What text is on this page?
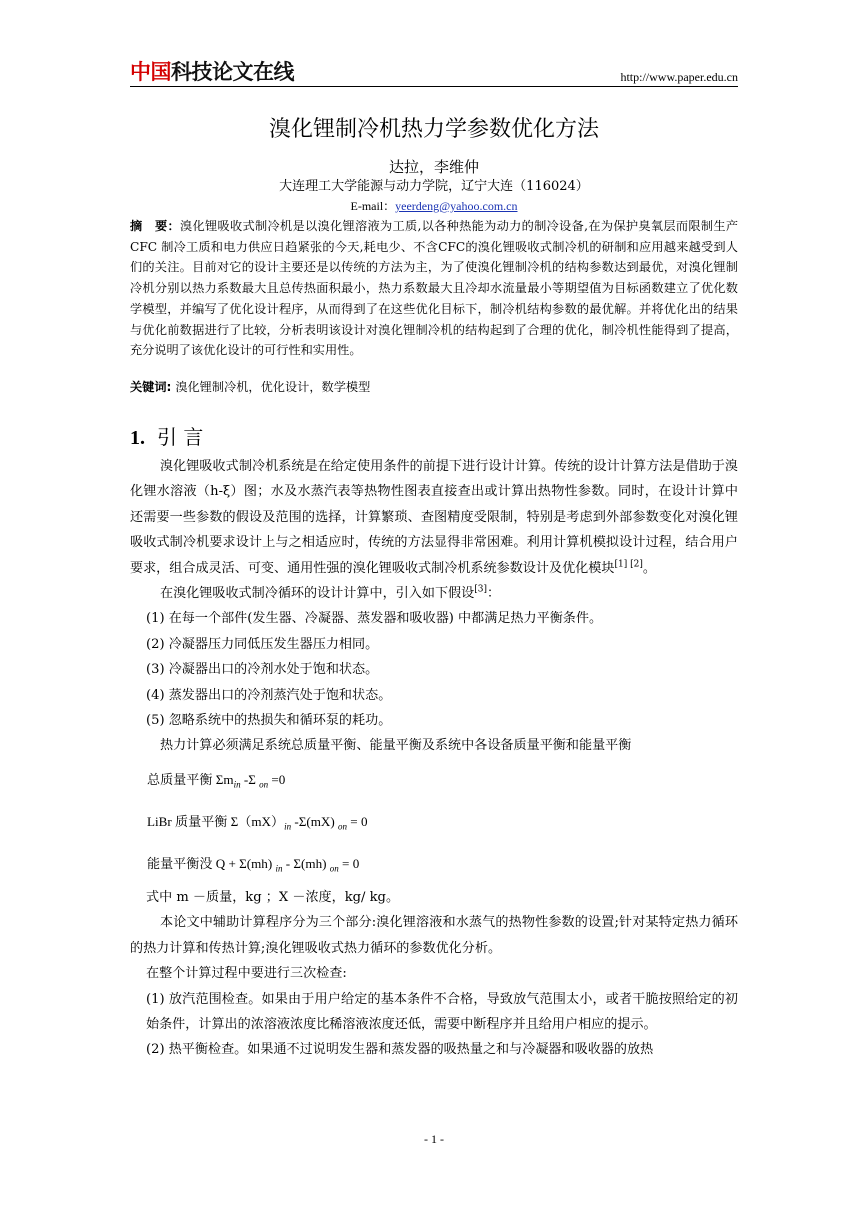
中国科技论文在线	http://www.paper.edu.cn
溴化锂制冷机热力学参数优化方法
达拉，李维仲
大连理工大学能源与动力学院，辽宁大连（116024）
E-mail：yeerdeng@yahoo.com.cn
摘　要：溴化锂吸收式制冷机是以溴化锂溶液为工质,以各种热能为动力的制冷设备,在为保护臭氧层而限制生产CFC 制冷工质和电力供应日趋紧张的今天,耗电少、不含CFC的溴化锂吸收式制冷机的研制和应用越来越受到人们的关注。目前对它的设计主要还是以传统的方法为主，为了使溴化锂制冷机的结构参数达到最优，对溴化锂制冷机分别以热力系数最大且总传热面积最小，热力系数最大且冷却水流量最小等期望值为目标函数建立了优化数学模型，并编写了优化设计程序，从而得到了在这些优化目标下，制冷机结构参数的最优解。并将优化出的结果与优化前数据进行了比较，分析表明该设计对溴化锂制冷机的结构起到了合理的优化，制冷机性能得到了提高，充分说明了该优化设计的可行性和实用性。
关键词: 溴化锂制冷机，优化设计，数学模型
1. 引 言

溴化锂吸收式制冷机系统是在给定使用条件的前提下进行设计计算。传统的设计计算方法是借助于溴化锂水溶液（h-ξ）图；水及水蒸汽表等热物性图表直接查出或计算出热物性参数。同时，在设计计算中还需要一些参数的假设及范围的选择，计算繁琐、查图精度受限制，特别是考虑到外部参数变化对溴化锂吸收式制冷机要求设计上与之相适应时，传统的方法显得非常困难。利用计算机模拟设计过程，结合用户要求，组合成灵活、可变、通用性强的溴化锂吸收式制冷机系统参数设计及优化模块[1] [2]。

在溴化锂吸收式制冷循环的设计计算中，引入如下假设[3]：

(1) 在每一个部件(发生器、冷凝器、蒸发器和吸收器) 中都满足热力平衡条件。

(2) 冷凝器压力同低压发生器压力相同。

(3) 冷凝器出口的冷剂水处于饱和状态。

(4) 蒸发器出口的冷剂蒸汽处于饱和状态。

(5) 忽略系统中的热损失和循环泵的耗功。

热力计算必须满足系统总质量平衡、能量平衡及系统中各设备质量平衡和能量平衡

总质量平衡 $\Sigma m_{in}$ -Σ $_{on}$ =0

LiBr 质量平衡 $\Sigma(mX)_{in}$ -Σ(mX) $_{on}$ = 0

能量平衡没 Q + Σ(mh) $_{in}$ - Σ(mh) $_{on}$ = 0

式中 m －质量，kg ；X －浓度，kg/ kg。

本论文中辅助计算程序分为三个部分:溴化锂溶液和水蒸气的热物性参数的设置;针对某特定热力循环的热力计算和传热计算;溴化锂吸收式热力循环的参数优化分析。

在整个计算过程中要进行三次检查:

(1) 放汽范围检查。如果由于用户给定的基本条件不合格，导致放气范围太小，或者干脆按照给定的初始条件，计算出的浓溶液浓度比稀溶液浓度还低，需要中断程序并且给用户相应的提示。

(2) 热平衡检查。如果通不过说明发生器和蒸发器的吸热量之和与冷凝器和吸收器的放热

- 1 -
